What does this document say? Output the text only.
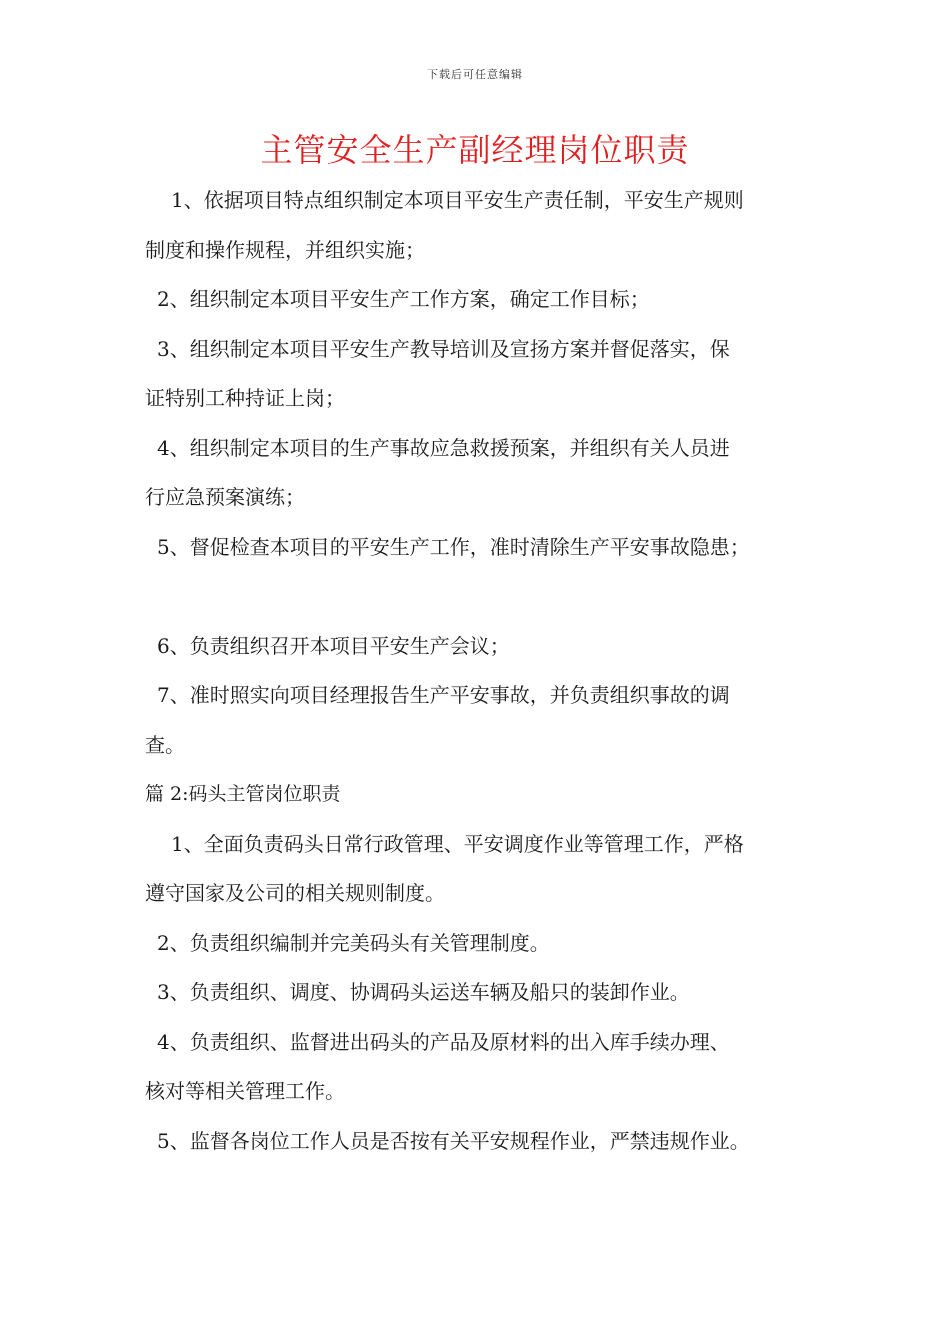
下载后可任意编辑
主管安全生产副经理岗位职责
1、依据项目特点组织制定本项目平安生产责任制，平安生产规则
制度和操作规程，并组织实施；
2、组织制定本项目平安生产工作方案，确定工作目标；
3、组织制定本项目平安生产教导培训及宣扬方案并督促落实，保
证特别工种持证上岗；
4、组织制定本项目的生产事故应急救援预案，并组织有关人员进
行应急预案演练；
5、督促检查本项目的平安生产工作，准时清除生产平安事故隐患；
6、负责组织召开本项目平安生产会议；
7、准时照实向项目经理报告生产平安事故，并负责组织事故的调
查。
篇 2:码头主管岗位职责
1、全面负责码头日常行政管理、平安调度作业等管理工作，严格
遵守国家及公司的相关规则制度。
2、负责组织编制并完美码头有关管理制度。
3、负责组织、调度、协调码头运送车辆及船只的装卸作业。
4、负责组织、监督进出码头的产品及原材料的出入库手续办理、
核对等相关管理工作。
5、监督各岗位工作人员是否按有关平安规程作业，严禁违规作业。
